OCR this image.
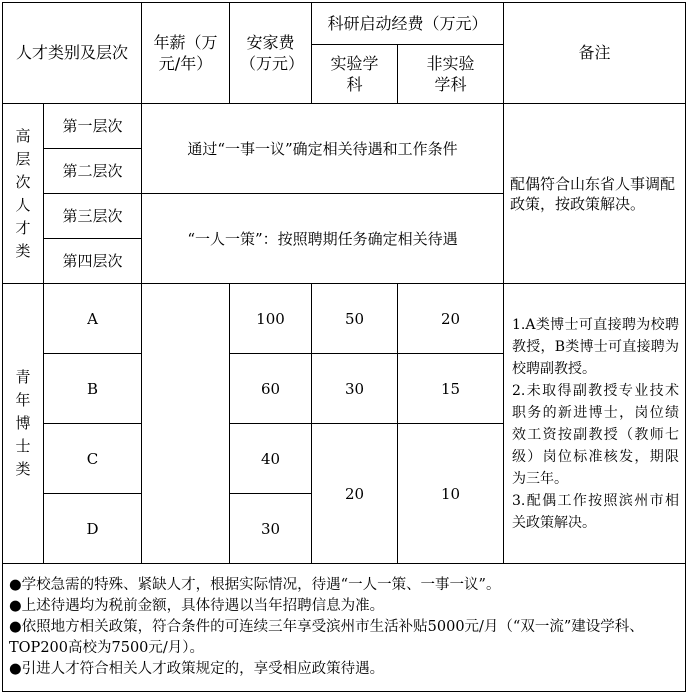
人才类别及层次		年薪（万元/年）	安家费（万元）	科研启动经费（万元）		备注
				实验学科	非实验学科	

高层次人才类	第一层次	通过“一事一议”确定相关待遇和工作条件				配偶符合山东省人事调配政策，按政策解决。
	第二层次					
	第三层次	“一人一策”：按照聘期任务确定相关待遇				
	第四层次					

青年博士类	A		100	50	20	1.A类博士可直接聘为校聘教授，B类博士可直接聘为校聘副教授。
2.未取得副教授专业技术职务的新进博士，岗位绩效工资按副教授（教师七级）岗位标准核发，期限为三年。
3.配偶工作按照滨州市相关政策解决。

	B		60	30	15	
	C		40	20	10	
	D		30			

●学校急需的特殊、紧缺人才，根据实际情况，待遇“一人一策、一事一议”。
●上述待遇均为税前金额，具体待遇以当年招聘信息为准。
●依照地方相关政策，符合条件的可连续三年享受滨州市生活补贴5000元/月（“双一流”建设学科、TOP200高校为7500元/月）。
●引进人才符合相关人才政策规定的，享受相应政策待遇。						
